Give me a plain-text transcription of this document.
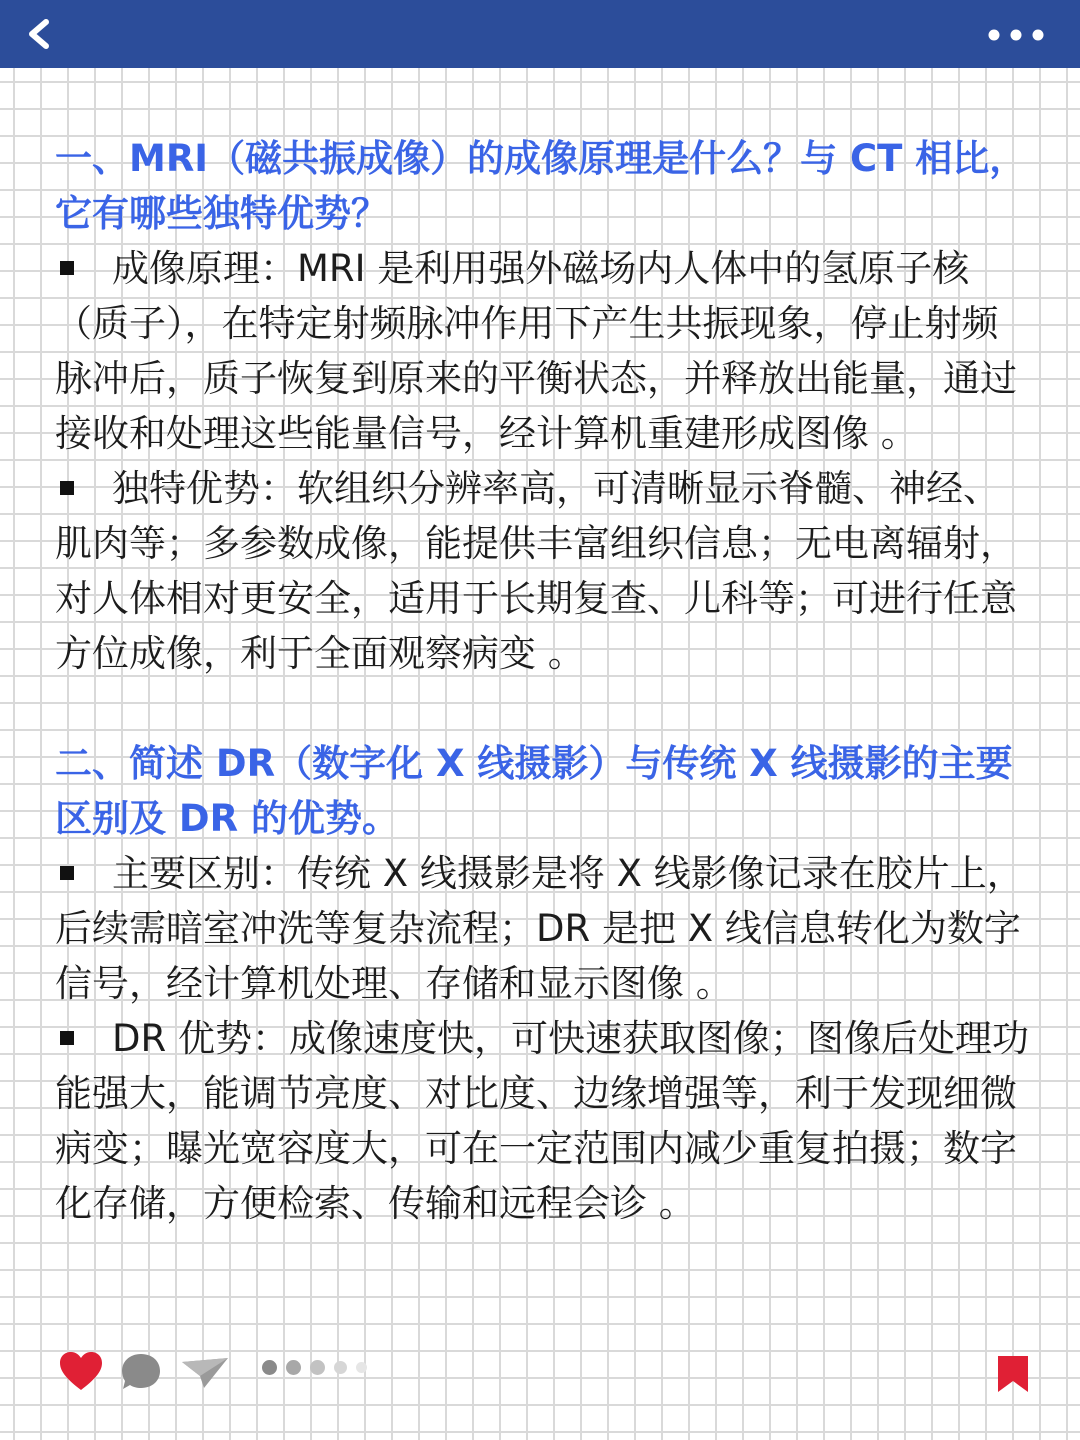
一、MRI（磁共振成像）的成像原理是什么？与 CT 相比，它有哪些独特优势？

成像原理：MRI 是利用强外磁场内人体中的氢原子核（质子），在特定射频脉冲作用下产生共振现象，停止射频脉冲后，质子恢复到原来的平衡状态，并释放出能量，通过接收和处理这些能量信号，经计算机重建形成图像 。

独特优势：软组织分辨率高，可清晰显示脊髓、神经、肌肉等；多参数成像，能提供丰富组织信息；无电离辐射，对人体相对更安全，适用于长期复查、儿科等；可进行任意方位成像，利于全面观察病变 。

二、简述 DR（数字化 X 线摄影）与传统 X 线摄影的主要区别及 DR 的优势。

主要区别：传统 X 线摄影是将 X 线影像记录在胶片上，后续需暗室冲洗等复杂流程；DR 是把 X 线信息转化为数字信号，经计算机处理、存储和显示图像 。

DR 优势：成像速度快，可快速获取图像；图像后处理功能强大，能调节亮度、对比度、边缘增强等，利于发现细微病变；曝光宽容度大，可在一定范围内减少重复拍摄；数字化存储，方便检索、传输和远程会诊 。
